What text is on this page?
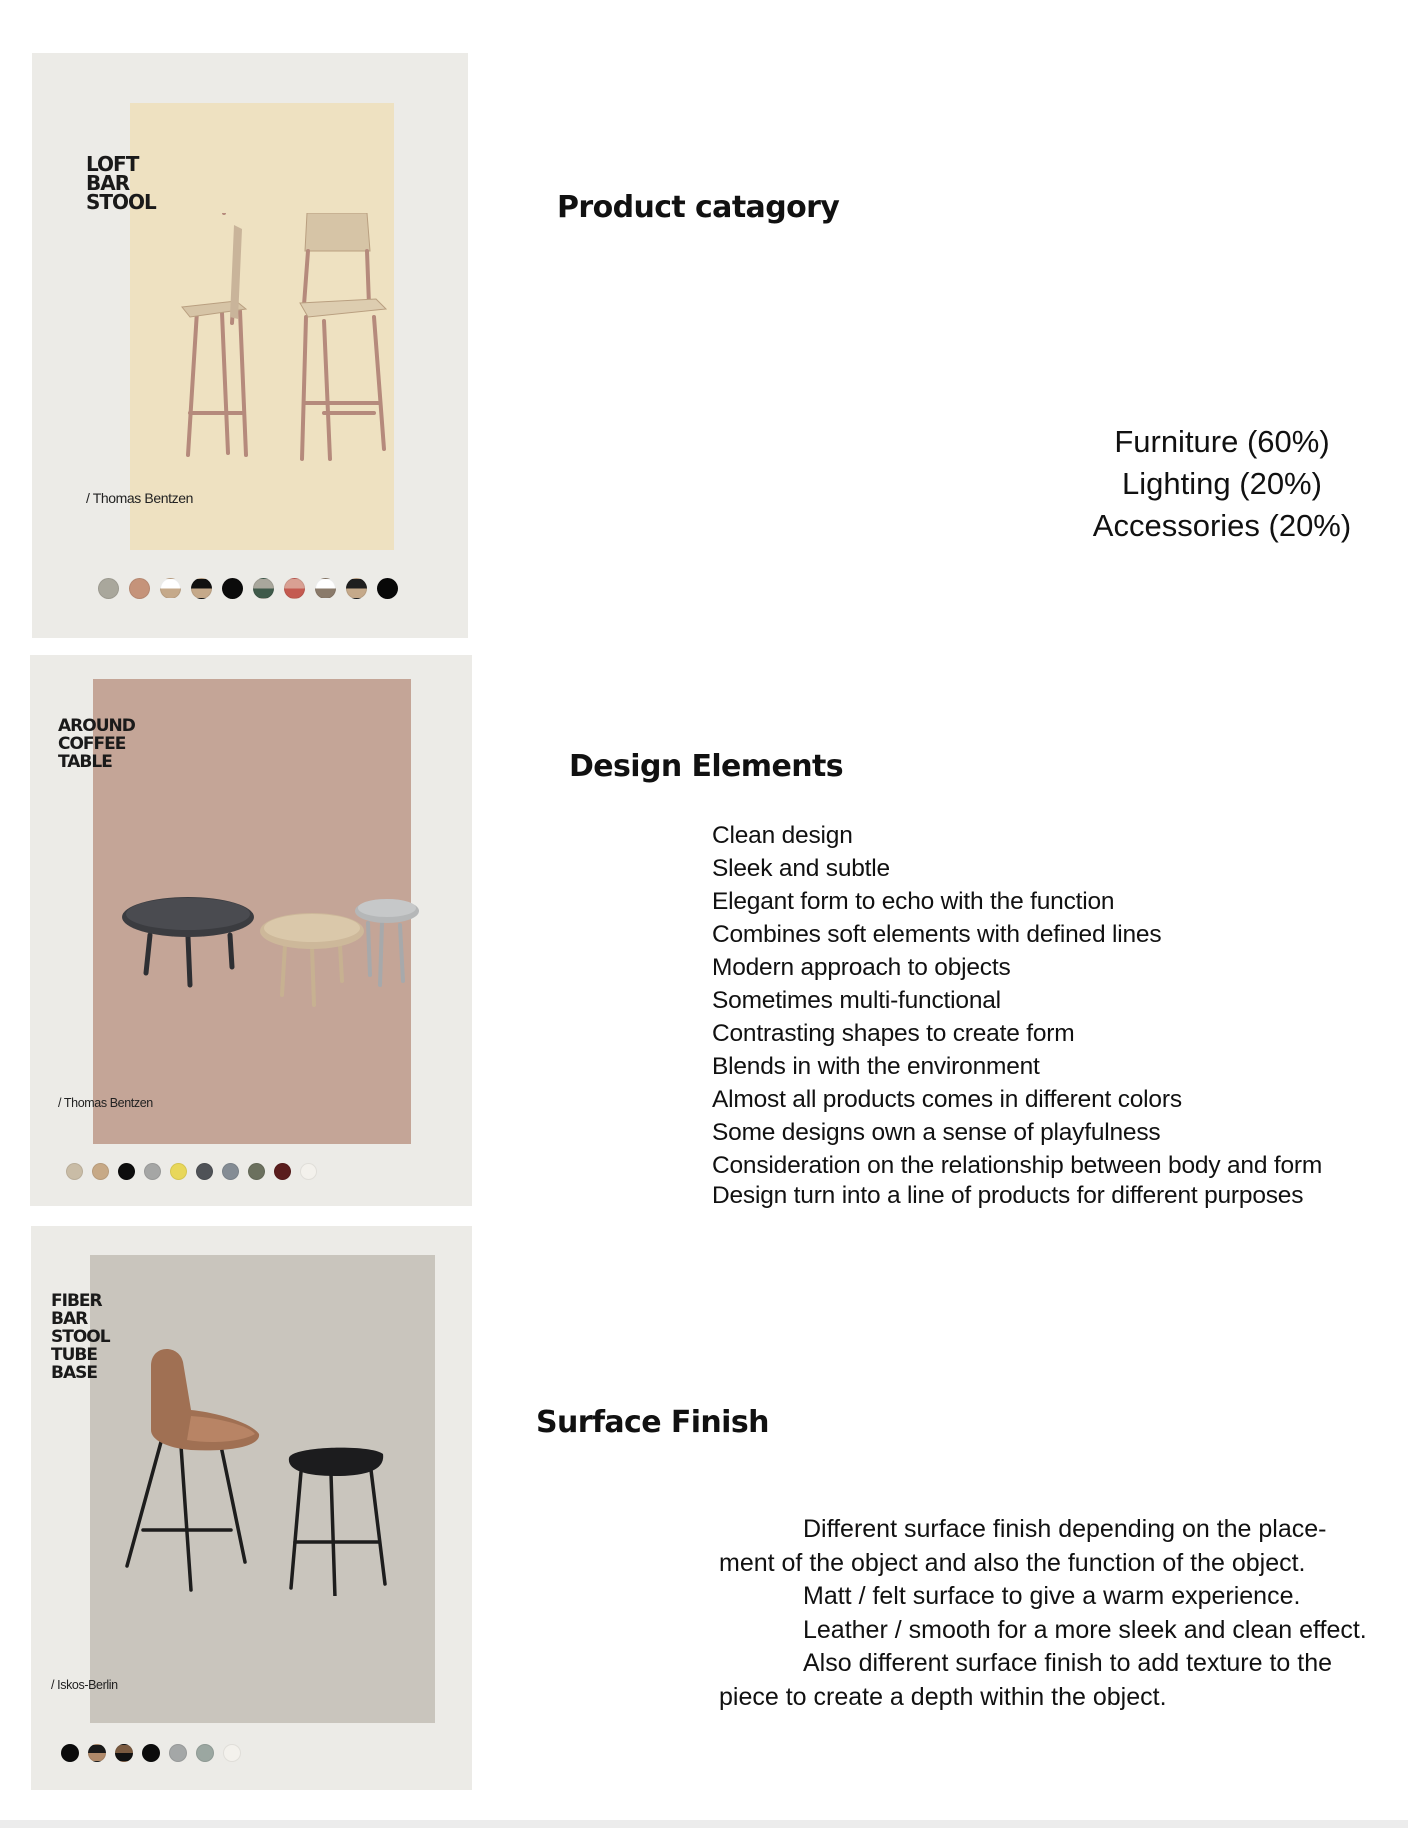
LOFT
BAR
STOOL
/ Thomas Bentzen
AROUND
COFFEE
TABLE
/ Thomas Bentzen
FIBER
BAR
STOOL
TUBE
BASE
/ Iskos-Berlin
Product catagory
Furniture (60%)
Lighting (20%)
Accessories (20%)
Design Elements
Clean design
Sleek and subtle
Elegant form to echo with the function
Combines soft elements with defined lines
Modern approach to objects
Sometimes multi-functional
Contrasting shapes to create form
Blends in with the environment
Almost all products comes in different colors
Some designs own a sense of playfulness
Consideration on the relationship between body and form
Design turn into a line of products for different purposes
Surface Finish

Different surface finish depending on the place-

ment of the object and also the function of the object.

Matt / felt surface to give a warm experience.

Leather / smooth for a more sleek and clean effect.

Also different surface finish to add texture to the

piece to create a depth within the object.
